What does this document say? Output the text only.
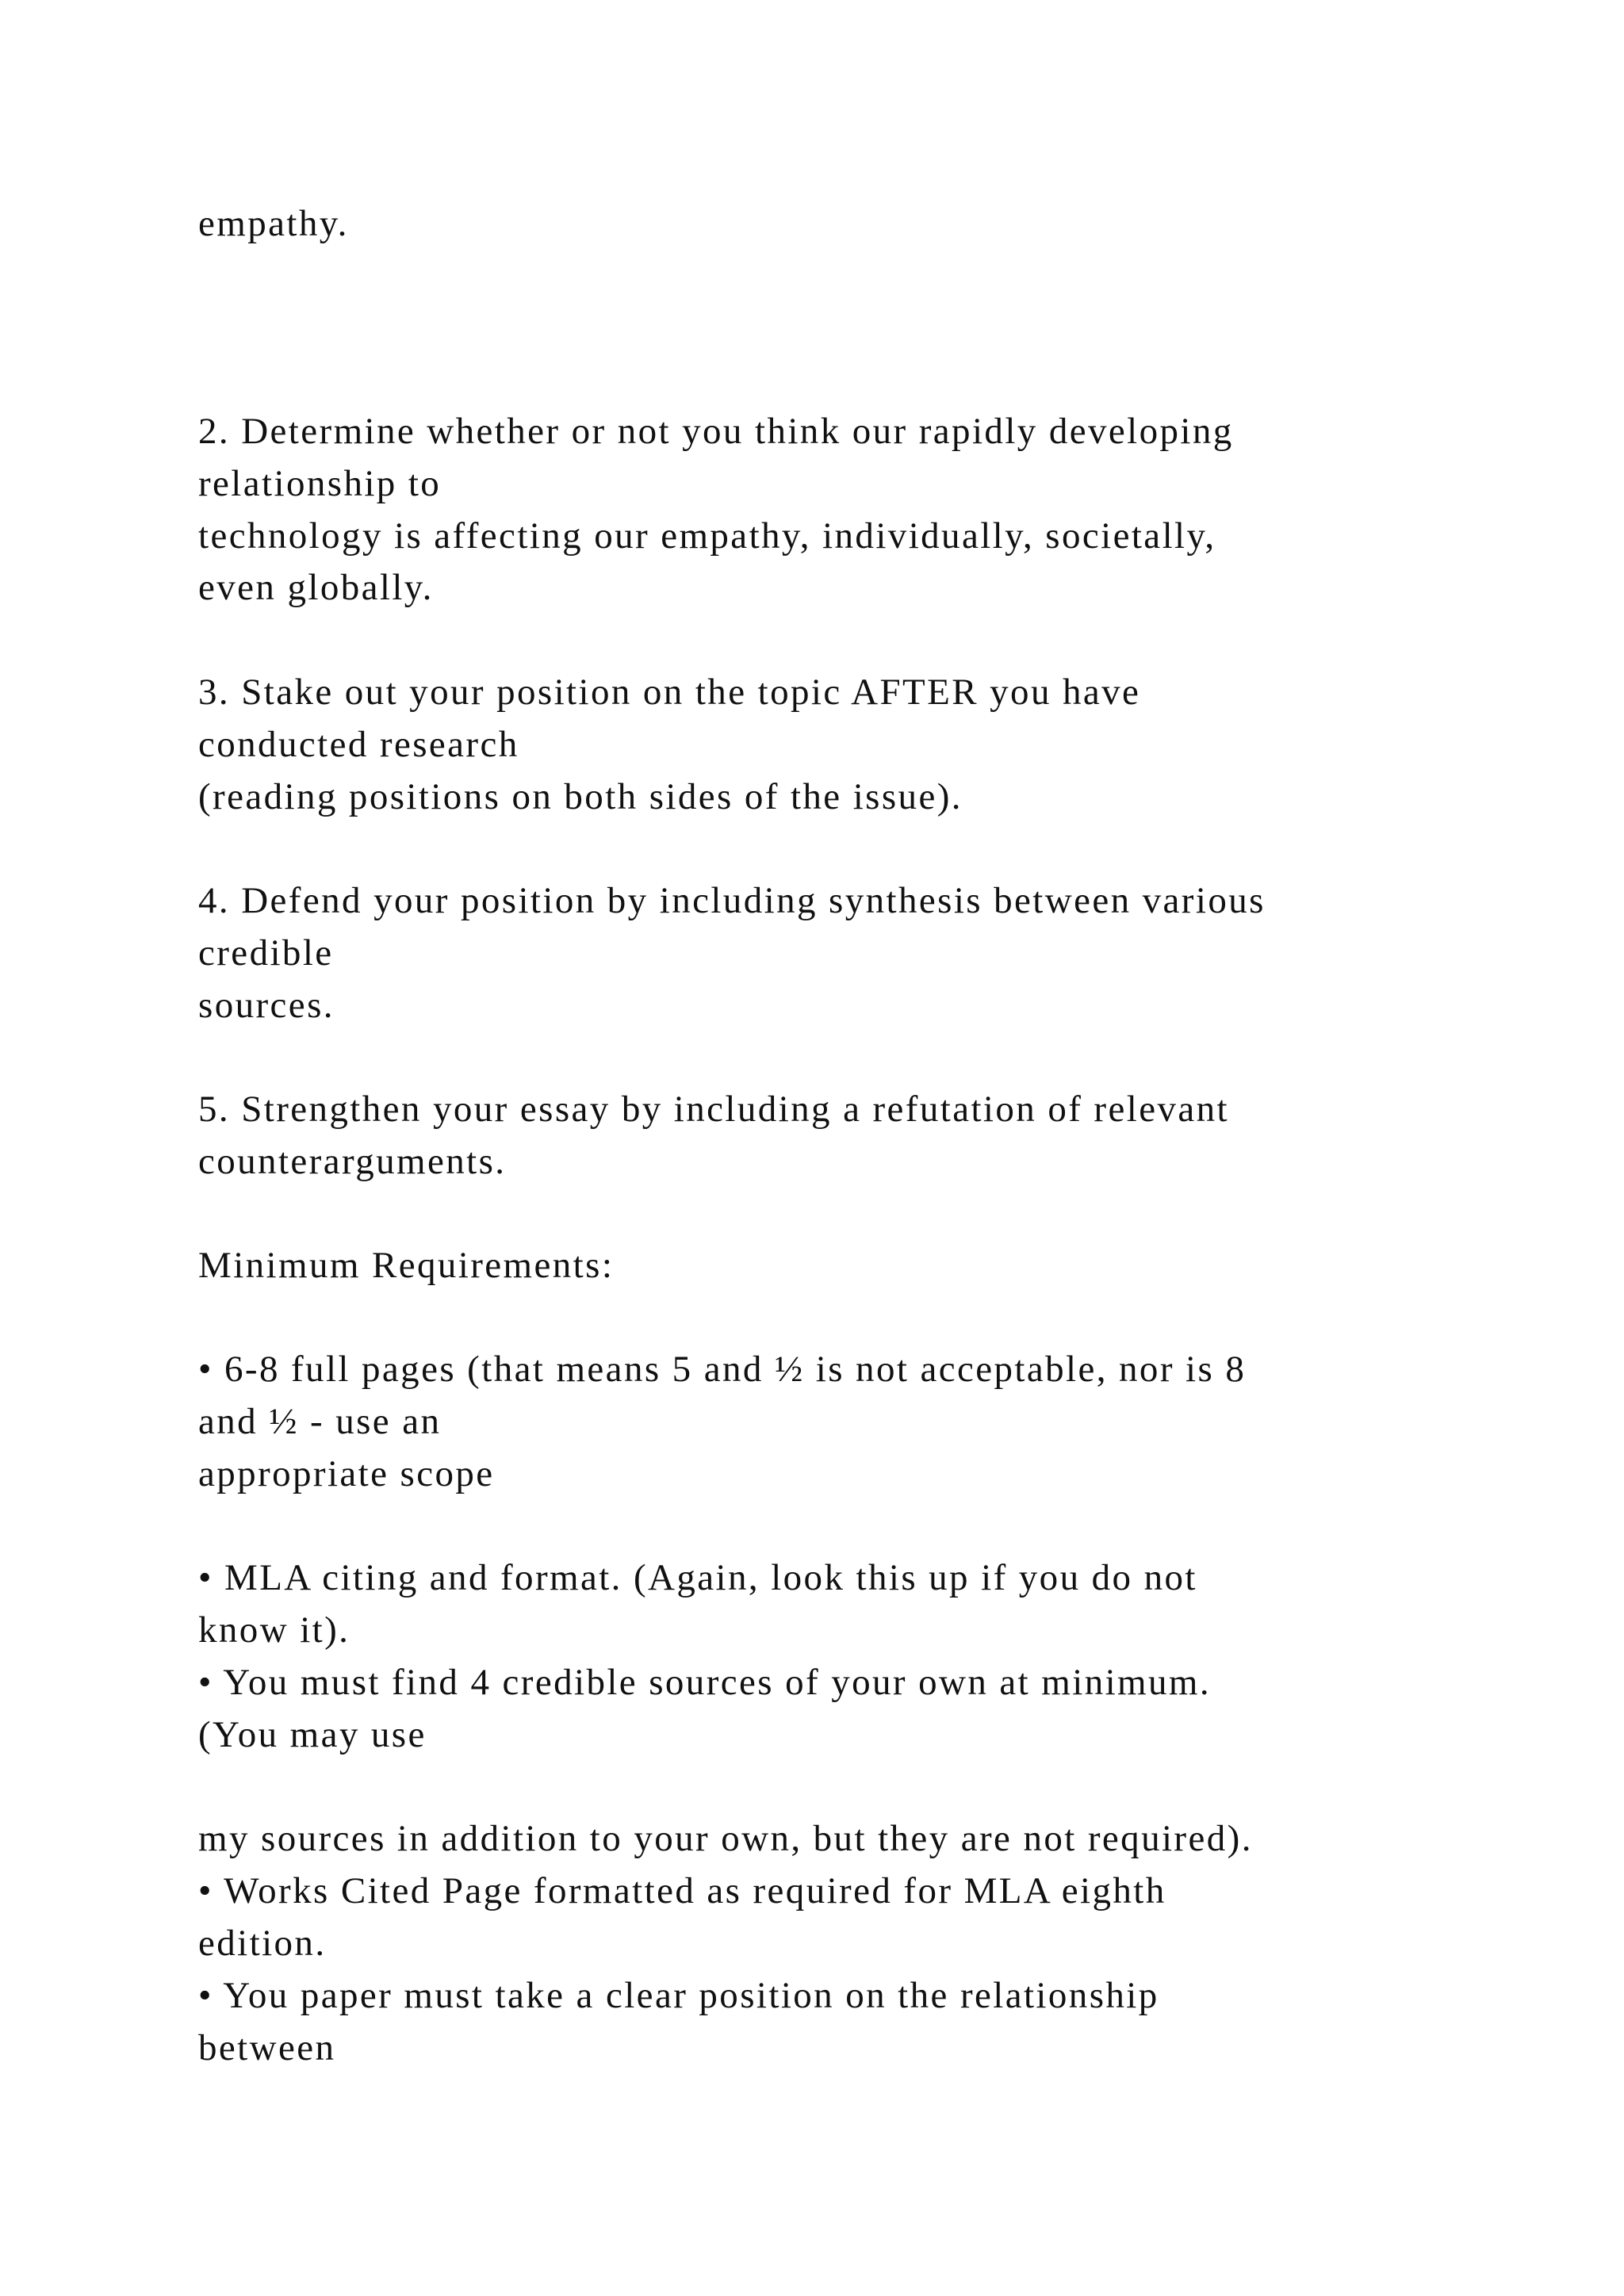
empathy.

2. Determine whether or not you think our rapidly developing

relationship to

technology is affecting our empathy, individually, societally,

even globally.

3. Stake out your position on the topic AFTER you have

conducted research

(reading positions on both sides of the issue).

4. Defend your position by including synthesis between various

credible

sources.

5. Strengthen your essay by including a refutation of relevant

counterarguments.

Minimum Requirements:

• 6-8 full pages (that means 5 and ½ is not acceptable, nor is 8

and ½ - use an

appropriate scope

• MLA citing and format. (Again, look this up if you do not

know it).

• You must find 4 credible sources of your own at minimum.

(You may use

my sources in addition to your own, but they are not required).

• Works Cited Page formatted as required for MLA eighth

edition.

• You paper must take a clear position on the relationship

between
